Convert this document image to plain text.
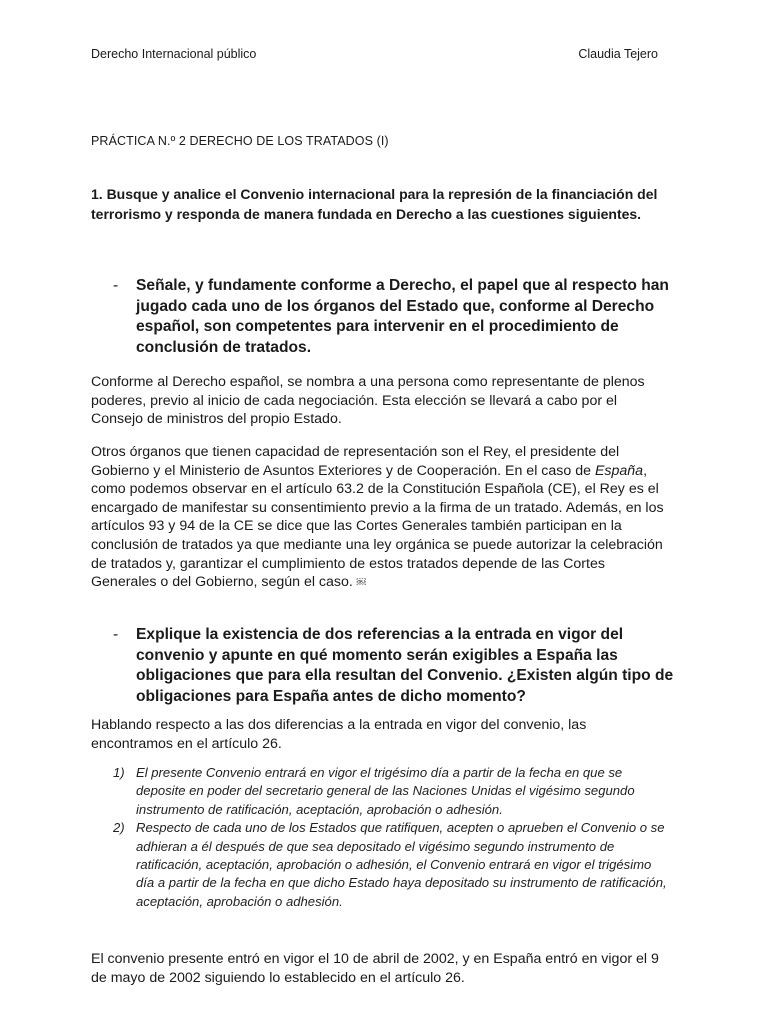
Derecho Internacional público	Claudia Tejero
PRÁCTICA N.º 2 DERECHO DE LOS TRATADOS (I)
1. Busque y analice el Convenio internacional para la represión de la financiación del terrorismo y responda de manera fundada en Derecho a las cuestiones siguientes.
- Señale, y fundamente conforme a Derecho, el papel que al respecto han jugado cada uno de los órganos del Estado que, conforme al Derecho español, son competentes para intervenir en el procedimiento de conclusión de tratados.
Conforme al Derecho español, se nombra a una persona como representante de plenos poderes, previo al inicio de cada negociación. Esta elección se llevará a cabo por el Consejo de ministros del propio Estado.
Otros órganos que tienen capacidad de representación son el Rey, el presidente del Gobierno y el Ministerio de Asuntos Exteriores y de Cooperación. En el caso de España, como podemos observar en el artículo 63.2 de la Constitución Española (CE), el Rey es el encargado de manifestar su consentimiento previo a la firma de un tratado. Además, en los artículos 93 y 94 de la CE se dice que las Cortes Generales también participan en la conclusión de tratados ya que mediante una ley orgánica se puede autorizar la celebración de tratados y, garantizar el cumplimiento de estos tratados depende de las Cortes Generales o del Gobierno, según el caso. ￼
- Explique la existencia de dos referencias a la entrada en vigor del convenio y apunte en qué momento serán exigibles a España las obligaciones que para ella resultan del Convenio. ¿Existen algún tipo de obligaciones para España antes de dicho momento?
Hablando respecto a las dos diferencias a la entrada en vigor del convenio, las encontramos en el artículo 26.
1) El presente Convenio entrará en vigor el trigésimo día a partir de la fecha en que se deposite en poder del secretario general de las Naciones Unidas el vigésimo segundo instrumento de ratificación, aceptación, aprobación o adhesión.
2) Respecto de cada uno de los Estados que ratifiquen, acepten o aprueben el Convenio o se adhieran a él después de que sea depositado el vigésimo segundo instrumento de ratificación, aceptación, aprobación o adhesión, el Convenio entrará en vigor el trigésimo día a partir de la fecha en que dicho Estado haya depositado su instrumento de ratificación, aceptación, aprobación o adhesión.
El convenio presente entró en vigor el 10 de abril de 2002, y en España entró en vigor el 9 de mayo de 2002 siguiendo lo establecido en el artículo 26.
